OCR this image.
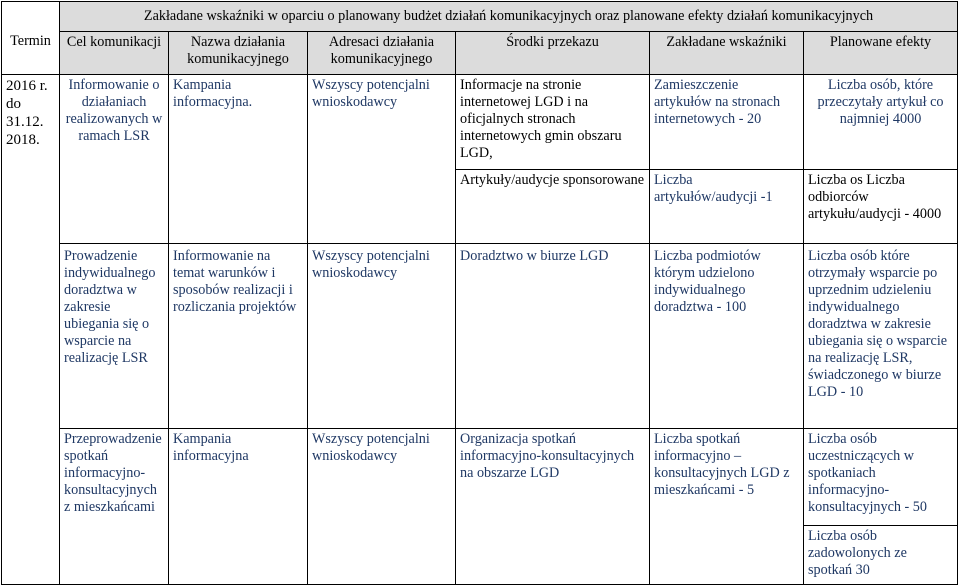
	Zakładane wskaźniki w oparciu o planowany budżet działań komunikacyjnych oraz planowane efekty działań komunikacyjnych					
Termin	Cel komunikacji	Nazwa działania komunikacyjnego	Adresaci działania komunikacyjnego	Środki przekazu	Zakładane wskaźniki	Planowane efekty
2016 r. do 31.12. 2018.	Informowanie o działaniach realizowanych w ramach LSR	Kampania informacyjna.	Wszyscy potencjalni wnioskodawcy	Informacje na stronie internetowej LGD i na oficjalnych stronach internetowych gmin obszaru LGD,	Zamieszczenie artykułów na stronach internetowych - 20	Liczba osób, które przeczytały artykuł co najmniej 4000
				Artykuły/audycje sponsorowane	Liczba artykułów/audycji -1	Liczba os Liczba odbiorców artykułu/audycji - 4000
	Prowadzenie indywidualnego doradztwa w zakresie ubiegania się o wsparcie na realizację LSR	Informowanie na temat warunków i sposobów realizacji i rozliczania projektów	Wszyscy potencjalni wnioskodawcy	Doradztwo w biurze LGD	Liczba podmiotów którym udzielono indywidualnego doradztwa - 100	Liczba osób które otrzymały wsparcie po uprzednim udzieleniu indywidualnego doradztwa w zakresie ubiegania się o wsparcie na realizację LSR, świadczonego w biurze LGD - 10
	Przeprowadzenie spotkań informacyjno-konsultacyjnych z mieszkańcami	Kampania informacyjna	Wszyscy potencjalni wnioskodawcy	Organizacja spotkań informacyjno-konsultacyjnych na obszarze LGD	Liczba spotkań informacyjno – konsultacyjnych LGD z mieszkańcami - 5	Liczba osób uczestniczących w spotkaniach informacyjno-konsultacyjnych - 50
						Liczba osób zadowolonych ze spotkań 30
